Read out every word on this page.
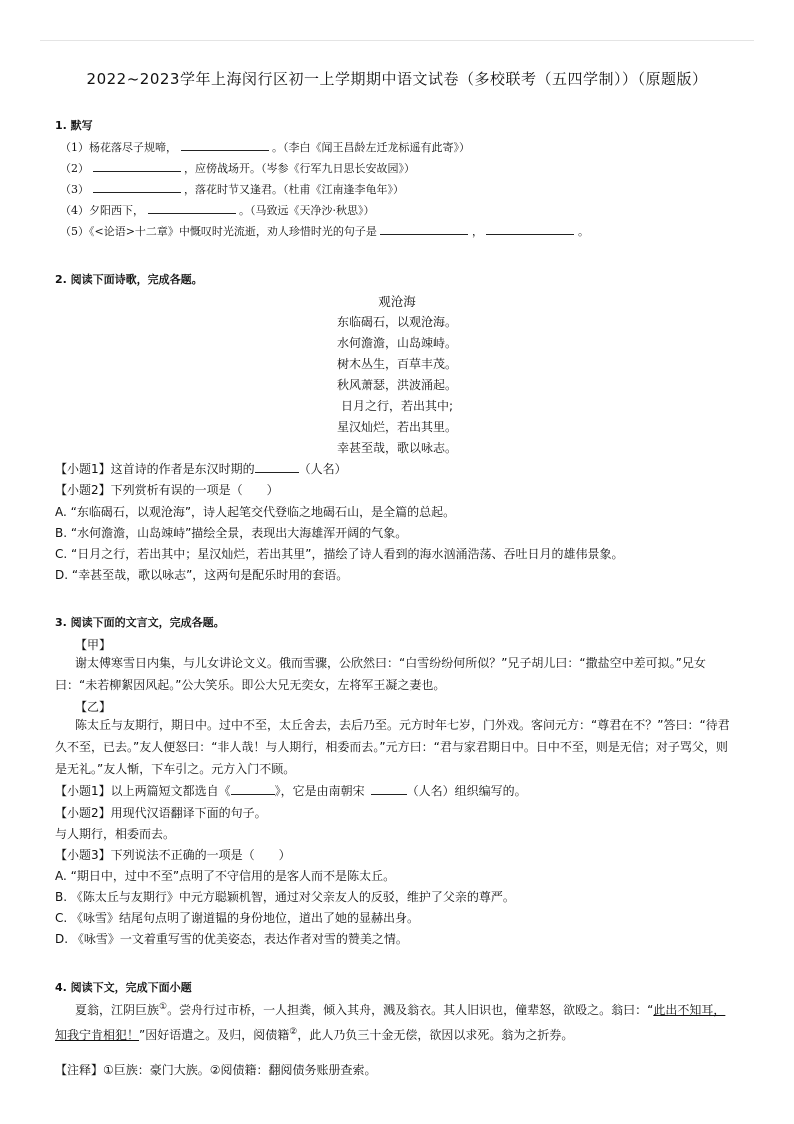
2022~2023学年上海闵行区初一上学期期中语文试卷（多校联考（五四学制））（原题版）
1. 默写
（1）杨花落尽子规啼，	。（李白《闻王昌龄左迁龙标遥有此寄》）
（2）	，应傍战场开。（岑参《行军九日思长安故园》）
（3）	，落花时节又逢君。（杜甫《江南逢李龟年》）
（4）夕阳西下，	。（马致远《天净沙·秋思》）
（5）《<论语>十二章》中慨叹时光流逝，劝人珍惜时光的句子是	，	。
2. 阅读下面诗歌，完成各题。
观沧海
东临碣石，以观沧海。
水何澹澹，山岛竦峙。
树木丛生，百草丰茂。
秋风萧瑟，洪波涌起。
日月之行，若出其中;
星汉灿烂，若出其里。
幸甚至哉，歌以咏志。
【小题1】这首诗的作者是东汉时期的	（人名）
【小题2】下列赏析有误的一项是（　　）
A. “东临碣石，以观沧海”，诗人起笔交代登临之地碣石山，是全篇的总起。
B. “水何澹澹，山岛竦峙”描绘全景，表现出大海雄浑开阔的气象。
C. “日月之行，若出其中；星汉灿烂，若出其里”，描绘了诗人看到的海水汹涌浩荡、吞吐日月的雄伟景象。
D. “幸甚至哉，歌以咏志”，这两句是配乐时用的套语。
3. 阅读下面的文言文，完成各题。
【甲】
谢太傅寒雪日内集，与儿女讲论文义。俄而雪骤，公欣然曰：“白雪纷纷何所似？”兄子胡儿曰：“撒盐空中差可拟。”兄女曰：“未若柳絮因风起。”公大笑乐。即公大兄无奕女，左将军王凝之妻也。
【乙】
陈太丘与友期行，期日中。过中不至，太丘舍去，去后乃至。元方时年七岁，门外戏。客问元方：“尊君在不？”答曰：“待君久不至，已去。”友人便怒曰：“非人哉！与人期行，相委而去。”元方曰：“君与家君期日中。日中不至，则是无信；对子骂父，则是无礼。”友人惭，下车引之。元方入门不顾。
【小题1】以上两篇短文都选自《	》，它是由南朝宋	（人名）组织编写的。
【小题2】用现代汉语翻译下面的句子。
与人期行，相委而去。
【小题3】下列说法不正确的一项是（　　）
A. “期日中，过中不至”点明了不守信用的是客人而不是陈太丘。
B. 《陈太丘与友期行》中元方聪颖机智，通过对父亲友人的反驳，维护了父亲的尊严。
C. 《咏雪》结尾句点明了谢道韫的身份地位，道出了她的显赫出身。
D. 《咏雪》一文着重写雪的优美姿态，表达作者对雪的赞美之情。
4. 阅读下文，完成下面小题
夏翁，江阴巨族①。尝舟行过市桥，一人担粪，倾入其舟，溅及翁衣。其人旧识也，僮辈怒，欲殴之。翁曰：“此出不知耳，知我宁肯相犯！”因好语遣之。及归，阅债籍②，此人乃负三十金无偿，欲因以求死。翁为之折券。
【注释】①巨族：豪门大族。②阅债籍：翻阅债务账册查索。
